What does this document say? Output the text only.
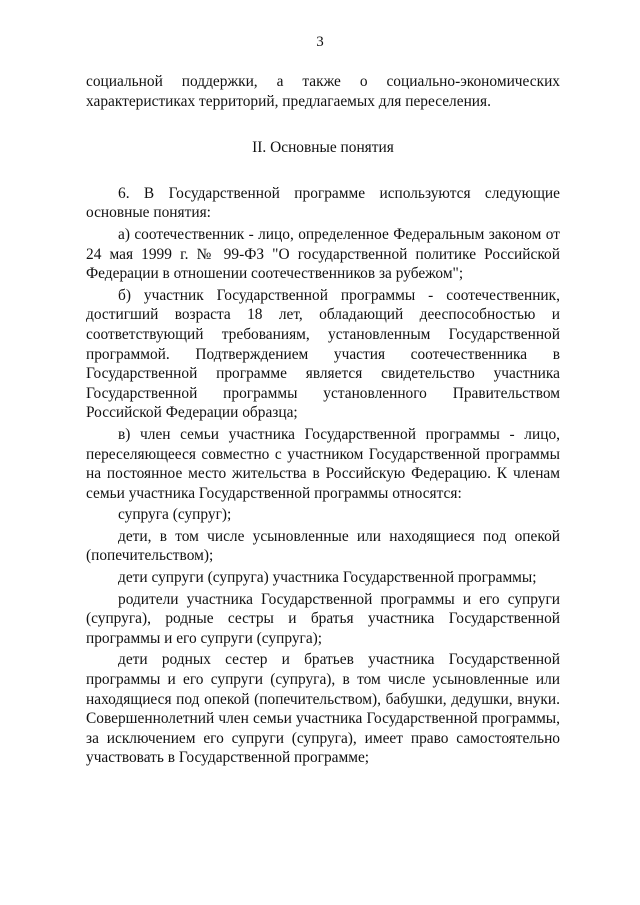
3

социальной поддержки, а также о социально-экономических характеристиках территорий, предлагаемых для переселения.

II. Основные понятия

6. В Государственной программе используются следующие основные понятия:

а) соотечественник - лицо, определенное Федеральным законом от 24 мая 1999 г. № 99-ФЗ "О государственной политике Российской Федерации в отношении соотечественников за рубежом";

б) участник Государственной программы - соотечественник, достигший возраста 18 лет, обладающий дееспособностью и соответствующий требованиям, установленным Государственной программой. Подтверждением участия соотечественника в Государственной программе является свидетельство участника Государственной программы установленного Правительством Российской Федерации образца;

в) член семьи участника Государственной программы - лицо, переселяющееся совместно с участником Государственной программы на постоянное место жительства в Российскую Федерацию. К членам семьи участника Государственной программы относятся:

супруга (супруг);

дети, в том числе усыновленные или находящиеся под опекой (попечительством);

дети супруги (супруга) участника Государственной программы;

родители участника Государственной программы и его супруги (супруга), родные сестры и братья участника Государственной программы и его супруги (супруга);

дети родных сестер и братьев участника Государственной программы и его супруги (супруга), в том числе усыновленные или находящиеся под опекой (попечительством), бабушки, дедушки, внуки. Совершеннолетний член семьи участника Государственной программы, за исключением его супруги (супруга), имеет право самостоятельно участвовать в Государственной программе;
